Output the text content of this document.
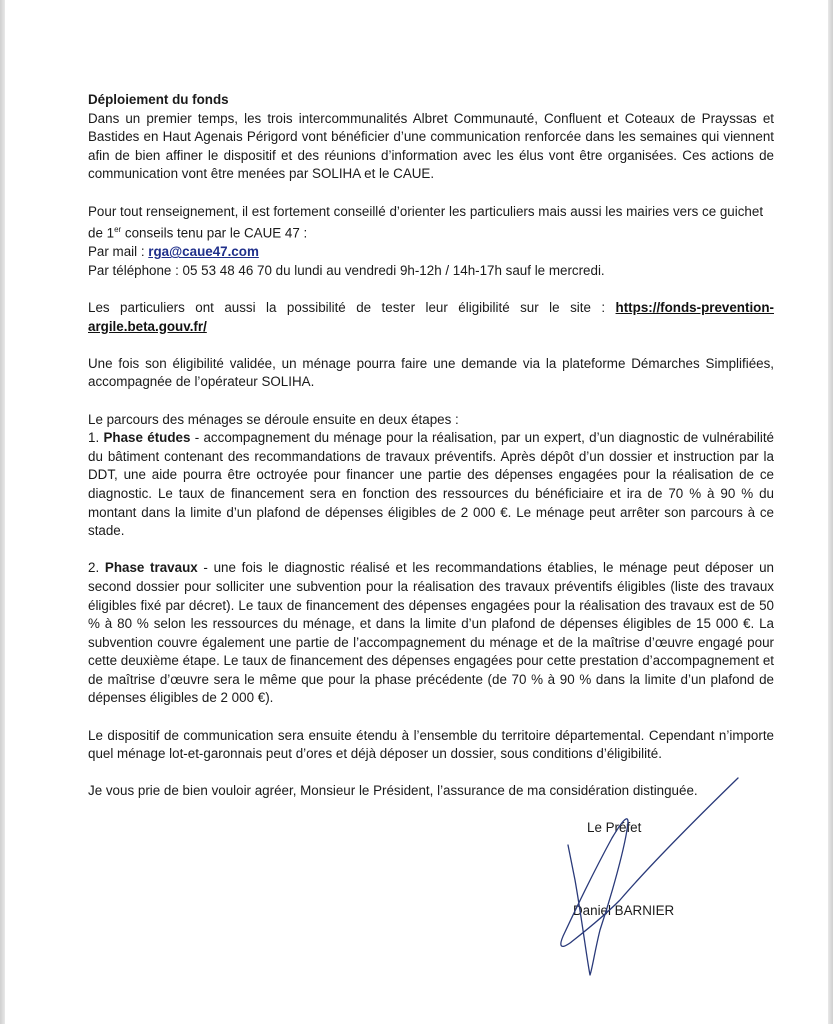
Déploiement du fonds
Dans un premier temps, les trois intercommunalités Albret Communauté, Confluent et Coteaux de Prayssas et Bastides en Haut Agenais Périgord vont bénéficier d’une communication renforcée dans les semaines qui viennent afin de bien affiner le dispositif et des réunions d’information avec les élus vont être organisées. Ces actions de communication vont être menées par SOLIHA et le CAUE.

Pour tout renseignement, il est fortement conseillé d’orienter les particuliers mais aussi les mairies vers ce guichet de 1er conseils tenu par le CAUE 47 :
Par mail : rga@caue47.com
Par téléphone : 05 53 48 46 70 du lundi au vendredi 9h-12h / 14h-17h sauf le mercredi.

Les particuliers ont aussi la possibilité de tester leur éligibilité sur le site : https://fonds-prevention-argile.beta.gouv.fr/

Une fois son éligibilité validée, un ménage pourra faire une demande via la plateforme Démarches Simplifiées, accompagnée de l’opérateur SOLIHA.

Le parcours des ménages se déroule ensuite en deux étapes :
1. Phase études - accompagnement du ménage pour la réalisation, par un expert, d’un diagnostic de vulnérabilité du bâtiment contenant des recommandations de travaux préventifs. Après dépôt d’un dossier et instruction par la DDT, une aide pourra être octroyée pour financer une partie des dépenses engagées pour la réalisation de ce diagnostic. Le taux de financement sera en fonction des ressources du bénéficiaire et ira de 70 % à 90 % du montant dans la limite d’un plafond de dépenses éligibles de 2 000 €. Le ménage peut arrêter son parcours à ce stade.

2. Phase travaux - une fois le diagnostic réalisé et les recommandations établies, le ménage peut déposer un second dossier pour solliciter une subvention pour la réalisation des travaux préventifs éligibles (liste des travaux éligibles fixé par décret). Le taux de financement des dépenses engagées pour la réalisation des travaux est de 50 % à 80 % selon les ressources du ménage, et dans la limite d’un plafond de dépenses éligibles de 15 000 €. La subvention couvre également une partie de l’accompagnement du ménage et de la maîtrise d’œuvre engagé pour cette deuxième étape. Le taux de financement des dépenses engagées pour cette prestation d’accompagnement et de maîtrise d’œuvre sera le même que pour la phase précédente (de 70 % à 90 % dans la limite d’un plafond de dépenses éligibles de 2 000 €).

Le dispositif de communication sera ensuite étendu à l’ensemble du territoire départemental. Cependant n’importe quel ménage lot-et-garonnais peut d’ores et déjà déposer un dossier, sous conditions d’éligibilité.

Je vous prie de bien vouloir agréer, Monsieur le Président, l’assurance de ma considération distinguée.

Le Préfet
Daniel BARNIER
